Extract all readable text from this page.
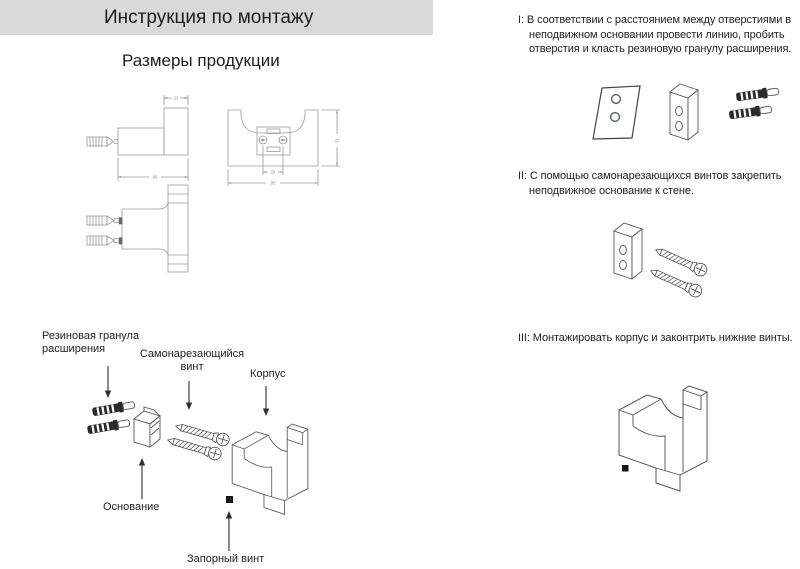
Инструкция по монтажу
Размеры продукции
23
85
51
28
85
Резиновая гранула расширения	Самонарезающийся винт
Корпус
Основание
Запорный винт
I: В соответствии с расстоянием между отверстиями в неподвижном основании провести линию, пробить отверстия и класть резиновую гранулу расширения.
II: С помощью самонарезающихся винтов закрепить неподвижное основание к стене.
III: Монтажировать корпус и законтрить нижние винты.
